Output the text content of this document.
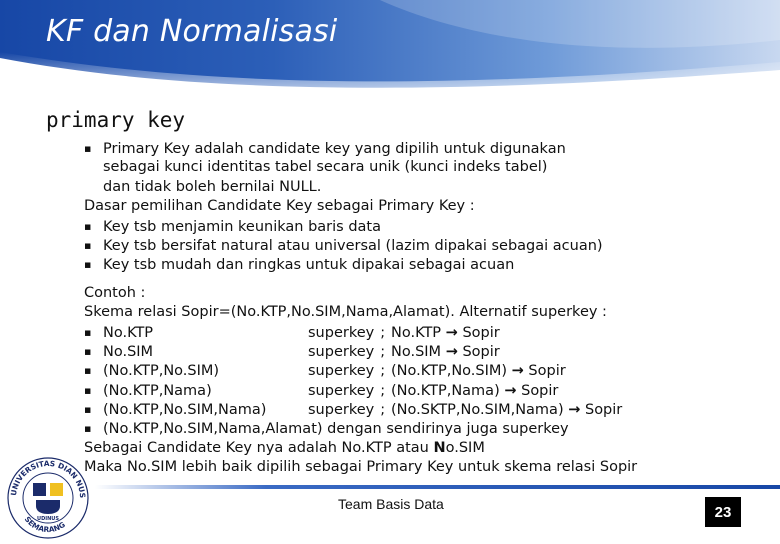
KF dan Normalisasi
primary key
▪ Primary Key adalah candidate key yang dipilih untuk digunakan
sebagai kunci identitas tabel secara unik (kunci indeks tabel)
dan tidak boleh bernilai NULL.
Dasar pemilihan Candidate Key sebagai Primary Key :
▪ Key tsb menjamin keunikan baris data
▪ Key tsb bersifat natural atau universal (lazim dipakai sebagai acuan)
▪ Key tsb mudah dan ringkas untuk dipakai sebagai acuan
Contoh :
Skema relasi Sopir=(No.KTP,No.SIM,Nama,Alamat). Alternatif superkey :
▪ No.KTP	superkey ; No.KTP → Sopir
▪ No.SIM	superkey ; No.SIM → Sopir
▪ (No.KTP,No.SIM)	superkey ; (No.KTP,No.SIM) → Sopir
▪ (No.KTP,Nama)	superkey ; (No.KTP,Nama) → Sopir
▪ (No.KTP,No.SIM,Nama)	superkey ; (No.SKTP,No.SIM,Nama) → Sopir
▪ (No.KTP,No.SIM,Nama,Alamat) dengan sendirinya juga superkey
Sebagai Candidate Key nya adalah No.KTP atau No.SIM
Maka No.SIM lebih baik dipilih sebagai Primary Key untuk skema relasi Sopir
Team Basis Data	23
UNIVERSITAS DIAN NUS
SEMARANG
UDINUS
